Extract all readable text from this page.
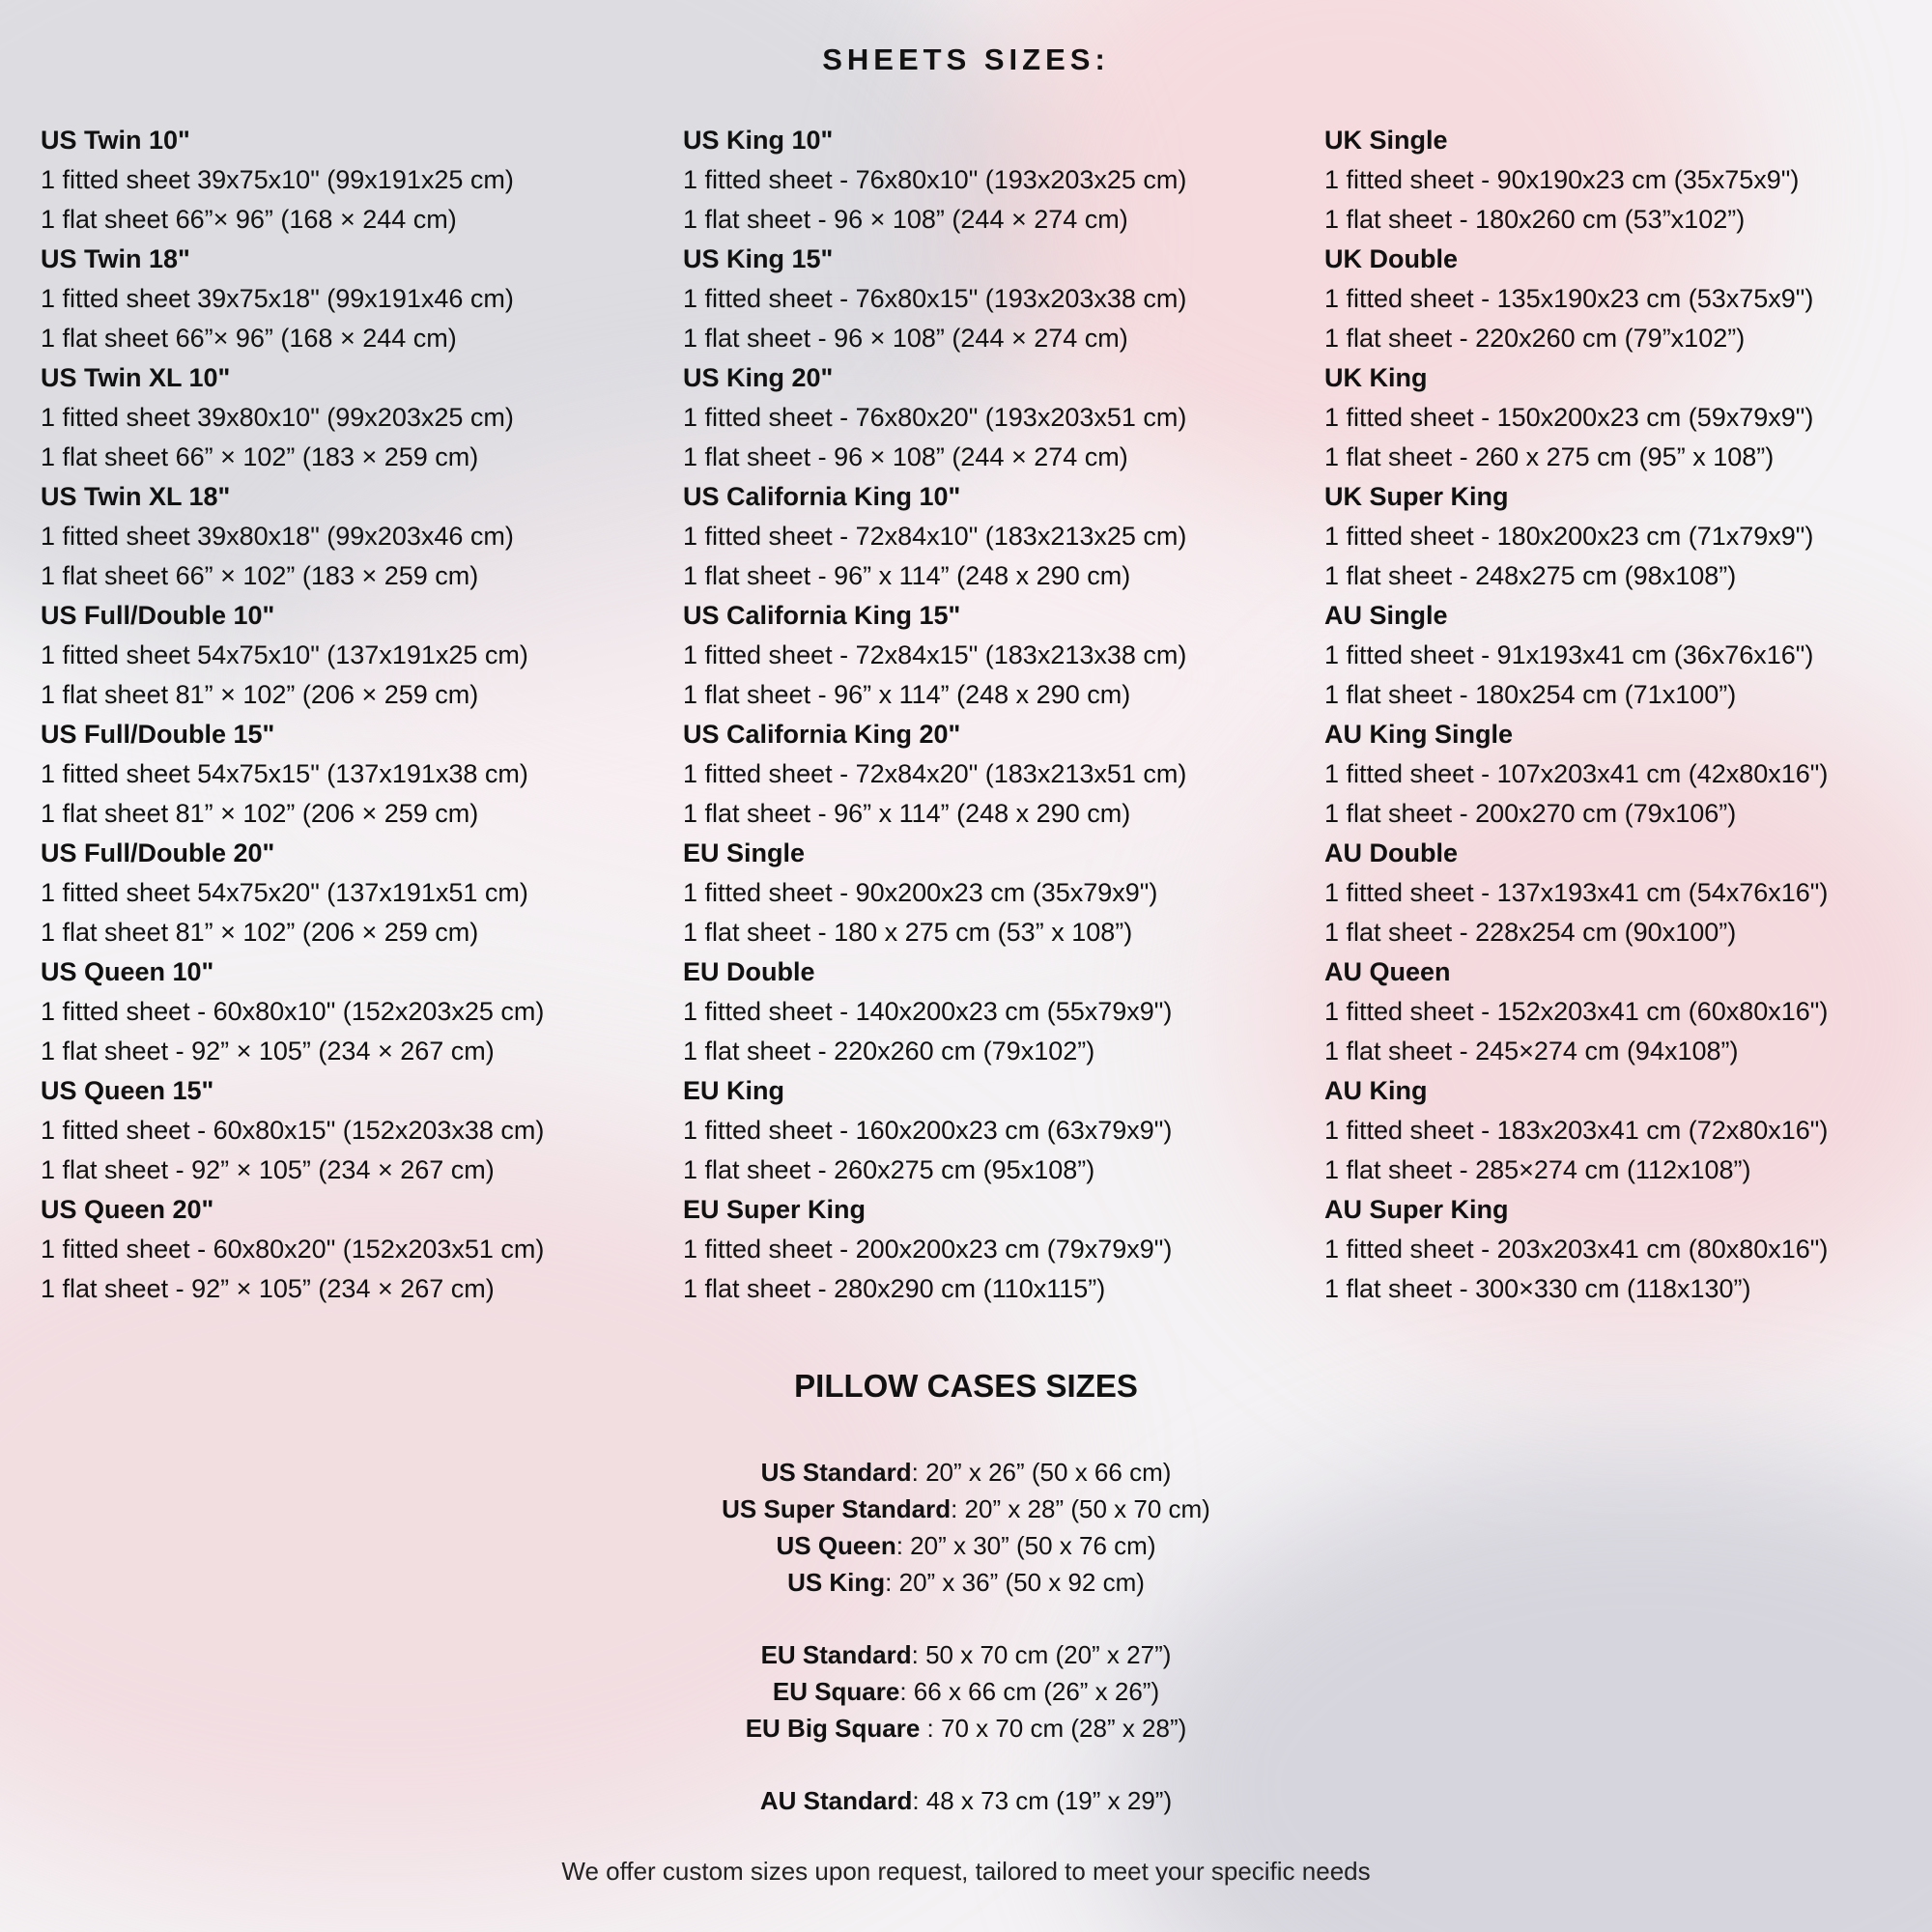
SHEETS SIZES:
US Twin 10"
1 fitted sheet 39x75x10" (99x191x25 cm)
1 flat sheet 66”× 96” (168 × 244 cm)
US Twin 18"
1 fitted sheet 39x75x18" (99x191x46 cm)
1 flat sheet 66”× 96” (168 × 244 cm)
US Twin XL 10"
1 fitted sheet 39x80x10" (99x203x25 cm)
1 flat sheet 66” × 102” (183 × 259 cm)
US Twin XL 18"
1 fitted sheet 39x80x18" (99x203x46 cm)
1 flat sheet 66” × 102” (183 × 259 cm)
US Full/Double 10"
1 fitted sheet 54x75x10" (137x191x25 cm)
1 flat sheet 81” × 102” (206 × 259 cm)
US Full/Double 15"
1 fitted sheet 54x75x15" (137x191x38 cm)
1 flat sheet 81” × 102” (206 × 259 cm)
US Full/Double 20"
1 fitted sheet 54x75x20" (137x191x51 cm)
1 flat sheet 81” × 102” (206 × 259 cm)
US Queen 10"
1 fitted sheet - 60x80x10" (152x203x25 cm)
1 flat sheet - 92” × 105” (234 × 267 cm)
US Queen 15"
1 fitted sheet - 60x80x15" (152x203x38 cm)
1 flat sheet - 92” × 105” (234 × 267 cm)
US Queen 20"
1 fitted sheet - 60x80x20" (152x203x51 cm)
1 flat sheet - 92” × 105” (234 × 267 cm)
US King 10"
1 fitted sheet - 76x80x10" (193x203x25 cm)
1 flat sheet - 96 × 108” (244 × 274 cm)
US King 15"
1 fitted sheet - 76x80x15" (193x203x38 cm)
1 flat sheet - 96 × 108” (244 × 274 cm)
US King 20"
1 fitted sheet - 76x80x20" (193x203x51 cm)
1 flat sheet - 96 × 108” (244 × 274 cm)
US California King 10"
1 fitted sheet - 72x84x10" (183x213x25 cm)
1 flat sheet - 96” x 114” (248 x 290 cm)
US California King 15"
1 fitted sheet - 72x84x15" (183x213x38 cm)
1 flat sheet - 96” x 114” (248 x 290 cm)
US California King 20"
1 fitted sheet - 72x84x20" (183x213x51 cm)
1 flat sheet - 96” x 114” (248 x 290 cm)
EU Single
1 fitted sheet - 90x200x23 cm (35x79x9")
1 flat sheet - 180 x 275 cm (53” x 108”)
EU Double
1 fitted sheet - 140x200x23 cm (55x79x9")
1 flat sheet - 220x260 cm (79x102”)
EU King
1 fitted sheet - 160x200x23 cm (63x79x9")
1 flat sheet - 260x275 cm (95x108”)
EU Super King
1 fitted sheet - 200x200x23 cm (79x79x9")
1 flat sheet - 280x290 cm (110x115”)
UK Single
1 fitted sheet - 90x190x23 cm (35x75x9")
1 flat sheet - 180x260 cm (53”x102”)
UK Double
1 fitted sheet - 135x190x23 cm (53x75x9")
1 flat sheet - 220x260 cm (79”x102”)
UK King
1 fitted sheet - 150x200x23 cm (59x79x9")
1 flat sheet - 260 x 275 cm (95” x 108”)
UK Super King
1 fitted sheet - 180x200x23 cm (71x79x9")
1 flat sheet - 248x275 cm (98x108”)
AU Single
1 fitted sheet - 91x193x41 cm (36x76x16")
1 flat sheet - 180x254 cm (71x100”)
AU King Single
1 fitted sheet - 107x203x41 cm (42x80x16")
1 flat sheet - 200x270 cm (79x106”)
AU Double
1 fitted sheet - 137x193x41 cm (54x76x16")
1 flat sheet - 228x254 cm (90x100”)
AU Queen
1 fitted sheet - 152x203x41 cm (60x80x16")
1 flat sheet - 245×274 cm (94x108”)
AU King
1 fitted sheet - 183x203x41 cm (72x80x16")
1 flat sheet - 285×274 cm (112x108”)
AU Super King
1 fitted sheet - 203x203x41 cm (80x80x16")
1 flat sheet - 300×330 cm (118x130”)
PILLOW CASES SIZES
US Standard: 20” x 26” (50 x 66 cm)
US Super Standard: 20” x 28” (50 x 70 cm)
US Queen: 20” x 30” (50 x 76 cm)
US King: 20” x 36” (50 x 92 cm)
EU Standard: 50 x 70 cm (20” x 27”)
EU Square: 66 x 66 cm (26” x 26”)
EU Big Square : 70 x 70 cm (28” x 28”)
AU Standard: 48 x 73 cm (19” x 29”)
We offer custom sizes upon request, tailored to meet your specific needs
